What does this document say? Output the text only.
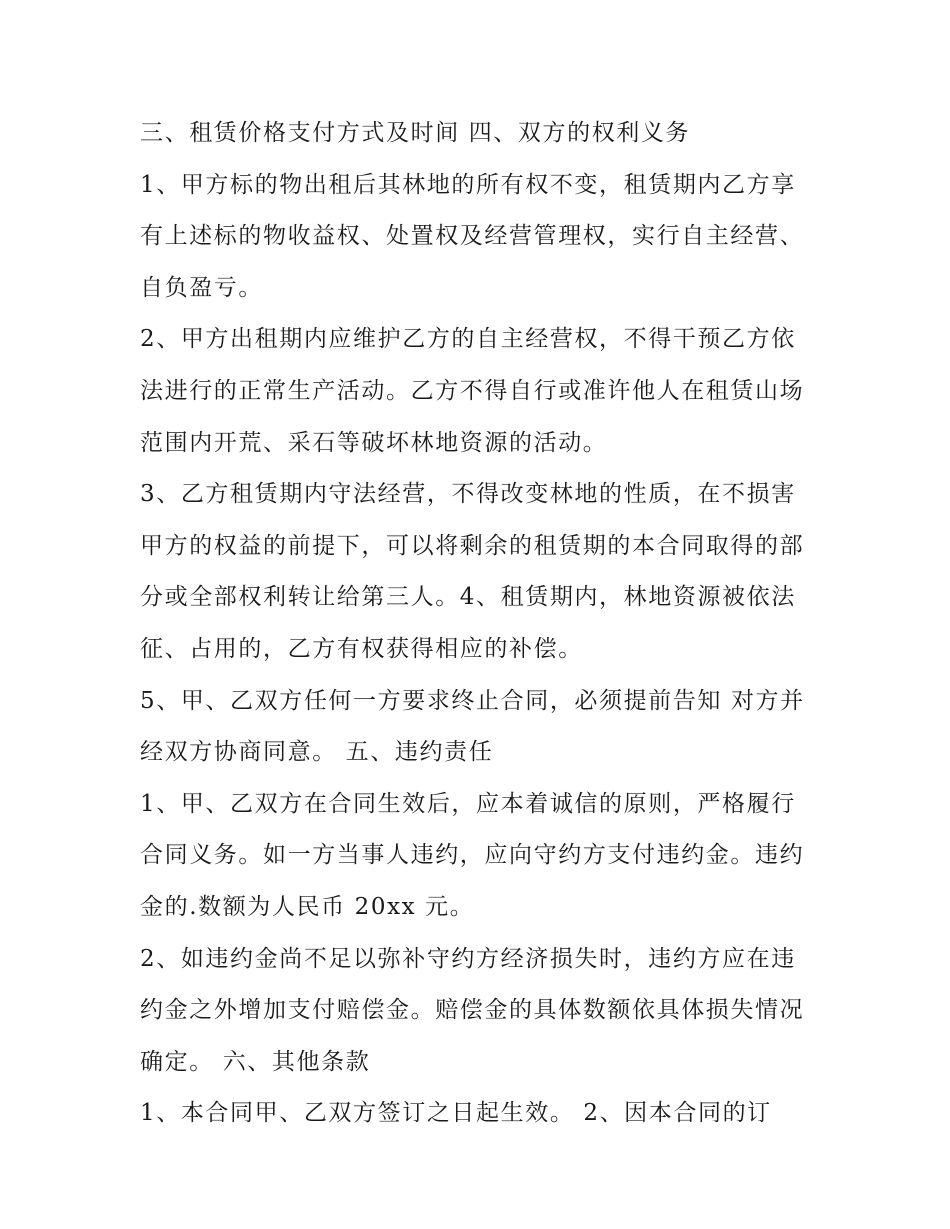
三、租赁价格支付方式及时间 四、双方的权利义务
1、甲方标的物出租后其林地的所有权不变，租赁期内乙方享
有上述标的物收益权、处置权及经营管理权，实行自主经营、
自负盈亏。
2、甲方出租期内应维护乙方的自主经营权，不得干预乙方依
法进行的正常生产活动。乙方不得自行或准许他人在租赁山场
范围内开荒、采石等破坏林地资源的活动。
3、乙方租赁期内守法经营，不得改变林地的性质，在不损害
甲方的权益的前提下，可以将剩余的租赁期的本合同取得的部
分或全部权利转让给第三人。4、租赁期内，林地资源被依法
征、占用的，乙方有权获得相应的补偿。
5、甲、乙双方任何一方要求终止合同，必须提前告知 对方并
经双方协商同意。 五、违约责任
1、甲、乙双方在合同生效后，应本着诚信的原则，严格履行
合同义务。如一方当事人违约，应向守约方支付违约金。违约
金的.数额为人民币 20xx 元。
2、如违约金尚不足以弥补守约方经济损失时，违约方应在违
约金之外增加支付赔偿金。赔偿金的具体数额依具体损失情况
确定。 六、其他条款
1、本合同甲、乙双方签订之日起生效。 2、因本合同的订
